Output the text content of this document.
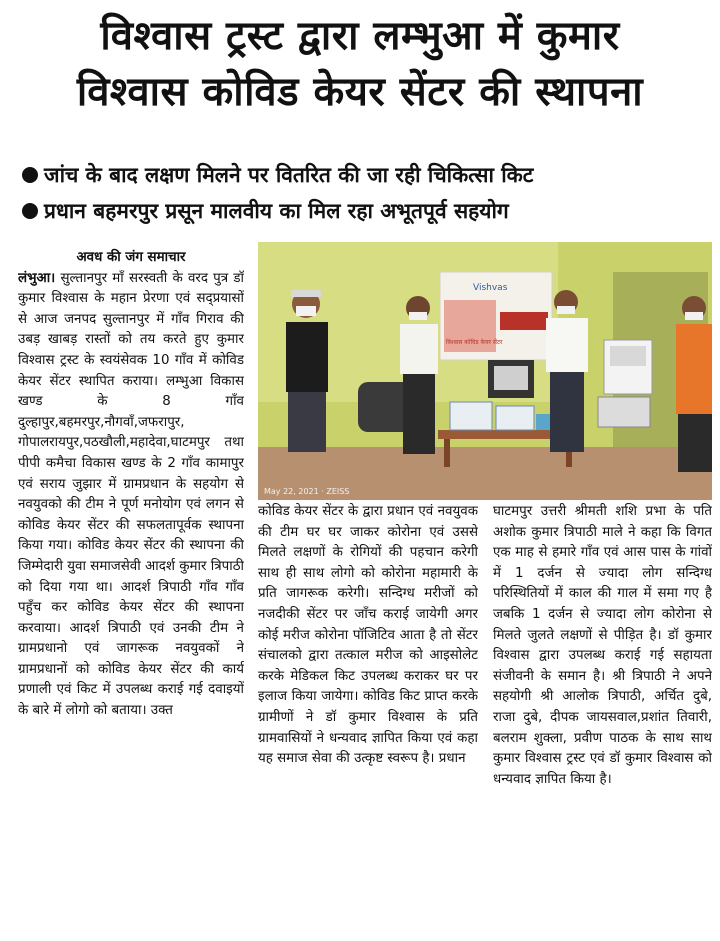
विश्वास ट्रस्ट द्वारा लम्भुआ में कुमार
विश्वास कोविड केयर सेंटर की स्थापना
जांच के बाद लक्षण मिलने पर वितरित की जा रही चिकित्सा किट
प्रधान बहमरपुर प्रसून मालवीय का मिल रहा अभूतपूर्व सहयोग

अवध की जंग समाचार

लंभुआ। सुल्तानपुर माँ सरस्वती के वरद पुत्र डॉ कुमार विश्वास के महान प्रेरणा एवं सद्प्रयासों से आज जनपद सुल्तानपुर में गाँव गिराव की उबड़ खाबड़ रास्तों को तय करते हुए कुमार विश्वास ट्रस्ट के स्वयंसेवक 10 गाँव में कोविड केयर सेंटर स्थापित कराया। लम्भुआ विकास खण्ड के 8 गाँव दुल्हापुर,बहमरपुर,नौगवाँ,जफरापुर, गोपालरायपुर,पठखौली,महादेवा,घाटमपुर तथा पीपी कमैचा विकास खण्ड के 2 गाँव कामापुर एवं सराय जुझार में ग्रामप्रधान के सहयोग से नवयुवको की टीम ने पूर्ण मनोयोग एवं लगन से कोविड केयर सेंटर की सफलतापूर्वक स्थापना किया गया। कोविड केयर सेंटर की स्थापना की जिम्मेदारी युवा समाजसेवी आदर्श कुमार त्रिपाठी को दिया गया था। आदर्श त्रिपाठी गाँव गाँव पहुँच कर कोविड केयर सेंटर की स्थापना करवाया। आदर्श त्रिपाठी एवं उनकी टीम ने ग्रामप्रधानो एवं जागरूक नवयुवकों ने ग्रामप्रधानों को कोविड केयर सेंटर की कार्य प्रणाली एवं किट में उपलब्ध कराई गई दवाइयों के बारे में लोगो को बताया। उक्त

Vishvas
विश्वास कोविड केयर सेंटर
May 22, 2021 · ZEISS

कोविड केयर सेंटर के द्वारा प्रधान एवं नवयुवक की टीम घर घर जाकर कोरोना एवं उससे मिलते लक्षणों के रोगियों की पहचान करेगी साथ ही साथ लोगो को कोरोना महामारी के प्रति जागरूक करेगी। सन्दिग्ध मरीजों को नजदीकी सेंटर पर जाँच कराई जायेगी अगर कोई मरीज कोरोना पॉजिटिव आता है तो सेंटर संचालको द्वारा तत्काल मरीज को आइसोलेट करके मेडिकल किट उपलब्ध कराकर घर पर इलाज किया जायेगा। कोविड किट प्राप्त करके ग्रामीणों ने डॉ कुमार विश्वास के प्रति ग्रामवासियों ने धन्यवाद ज्ञापित किया एवं कहा यह समाज सेवा की उत्कृष्ट स्वरूप है। प्रधान

घाटमपुर उत्तरी श्रीमती शशि प्रभा के पति अशोक कुमार त्रिपाठी माले ने कहा कि विगत एक माह से हमारे गाँव एवं आस पास के गांवों में 1 दर्जन से ज्यादा लोग सन्दिग्ध परिस्थितियों में काल की गाल में समा गए है जबकि 1 दर्जन से ज्यादा लोग कोरोना से मिलते जुलते लक्षणों से पीड़ित है। डॉ कुमार विश्वास द्वारा उपलब्ध कराई गई सहायता संजीवनी के समान है। श्री त्रिपाठी ने अपने सहयोगी श्री आलोक त्रिपाठी, अर्चित दुबे, राजा दुबे, दीपक जायसवाल,प्रशांत तिवारी, बलराम शुक्ला, प्रवीण पाठक के साथ साथ कुमार विश्वास ट्रस्ट एवं डॉ कुमार विश्वास को धन्यवाद ज्ञापित किया है।
